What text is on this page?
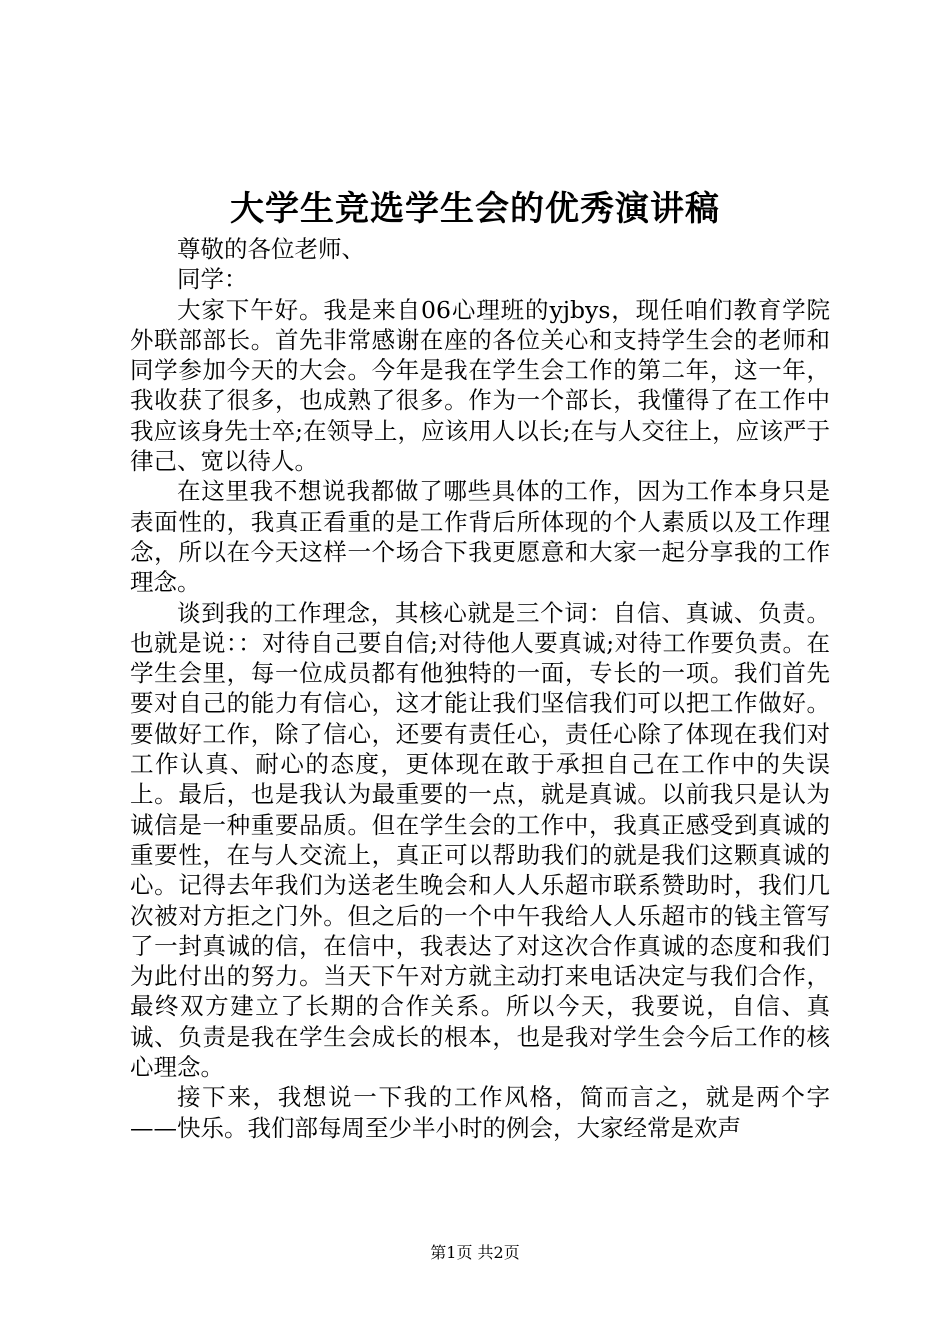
大学生竞选学生会的优秀演讲稿

尊敬的各位老师、

同学：

大家下午好。我是来自06心理班的yjbys，现任咱们教育学院外联部部长。首先非常感谢在座的各位关心和支持学生会的老师和同学参加今天的大会。今年是我在学生会工作的第二年，这一年，我收获了很多，也成熟了很多。作为一个部长，我懂得了在工作中我应该身先士卒;在领导上，应该用人以长;在与人交往上，应该严于律己、宽以待人。

在这里我不想说我都做了哪些具体的工作，因为工作本身只是表面性的，我真正看重的是工作背后所体现的个人素质以及工作理念，所以在今天这样一个场合下我更愿意和大家一起分享我的工作理念。

谈到我的工作理念，其核心就是三个词：自信、真诚、负责。也就是说：：对待自己要自信;对待他人要真诚;对待工作要负责。在学生会里，每一位成员都有他独特的一面，专长的一项。我们首先要对自己的能力有信心，这才能让我们坚信我们可以把工作做好。要做好工作，除了信心，还要有责任心，责任心除了体现在我们对工作认真、耐心的态度，更体现在敢于承担自己在工作中的失误上。最后，也是我认为最重要的一点，就是真诚。以前我只是认为诚信是一种重要品质。但在学生会的工作中，我真正感受到真诚的重要性，在与人交流上，真正可以帮助我们的就是我们这颗真诚的心。记得去年我们为送老生晚会和人人乐超市联系赞助时，我们几次被对方拒之门外。但之后的一个中午我给人人乐超市的钱主管写了一封真诚的信，在信中，我表达了对这次合作真诚的态度和我们为此付出的努力。当天下午对方就主动打来电话决定与我们合作，最终双方建立了长期的合作关系。所以今天，我要说，自信、真诚、负责是我在学生会成长的根本，也是我对学生会今后工作的核心理念。

接下来，我想说一下我的工作风格，简而言之，就是两个字——快乐。我们部每周至少半小时的例会，大家经常是欢声

第1页 共2页
